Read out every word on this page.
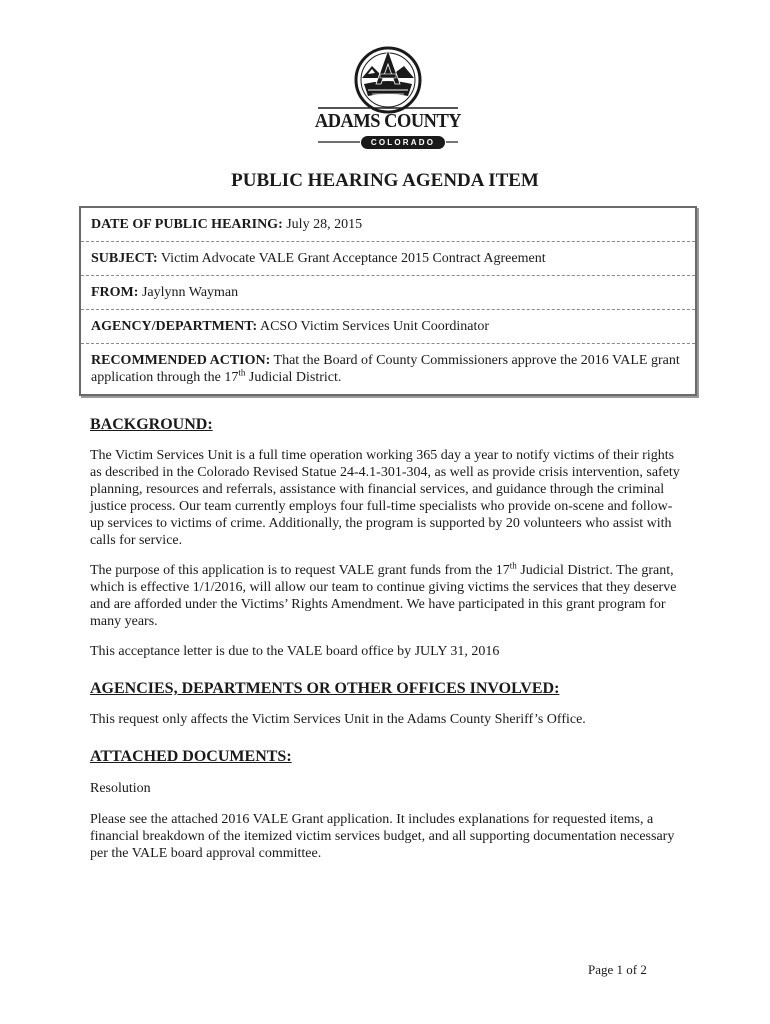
ADAMS COUNTY
COLORADO
PUBLIC HEARING AGENDA ITEM
DATE OF PUBLIC HEARING: July 28, 2015
SUBJECT: Victim Advocate VALE Grant Acceptance 2015 Contract Agreement
FROM: Jaylynn Wayman
AGENCY/DEPARTMENT: ACSO Victim Services Unit Coordinator
RECOMMENDED ACTION: That the Board of County Commissioners approve the 2016 VALE grant application through the 17th Judicial District.

BACKGROUND:

The Victim Services Unit is a full time operation working 365 day a year to notify victims of their rights as described in the Colorado Revised Statue 24-4.1-301-304, as well as provide crisis intervention, safety planning, resources and referrals, assistance with financial services, and guidance through the criminal justice process. Our team currently employs four full-time specialists who provide on-scene and follow-up services to victims of crime. Additionally, the program is supported by 20 volunteers who assist with calls for service.

The purpose of this application is to request VALE grant funds from the 17th Judicial District. The grant, which is effective 1/1/2016, will allow our team to continue giving victims the services that they deserve and are afforded under the Victims’ Rights Amendment. We have participated in this grant program for many years.

This acceptance letter is due to the VALE board office by JULY 31, 2016

AGENCIES, DEPARTMENTS OR OTHER OFFICES INVOLVED:

This request only affects the Victim Services Unit in the Adams County Sheriff’s Office.

ATTACHED DOCUMENTS:

Resolution

Please see the attached 2016 VALE Grant application. It includes explanations for requested items, a financial breakdown of the itemized victim services budget, and all supporting documentation necessary per the VALE board approval committee.

Page 1 of 2
